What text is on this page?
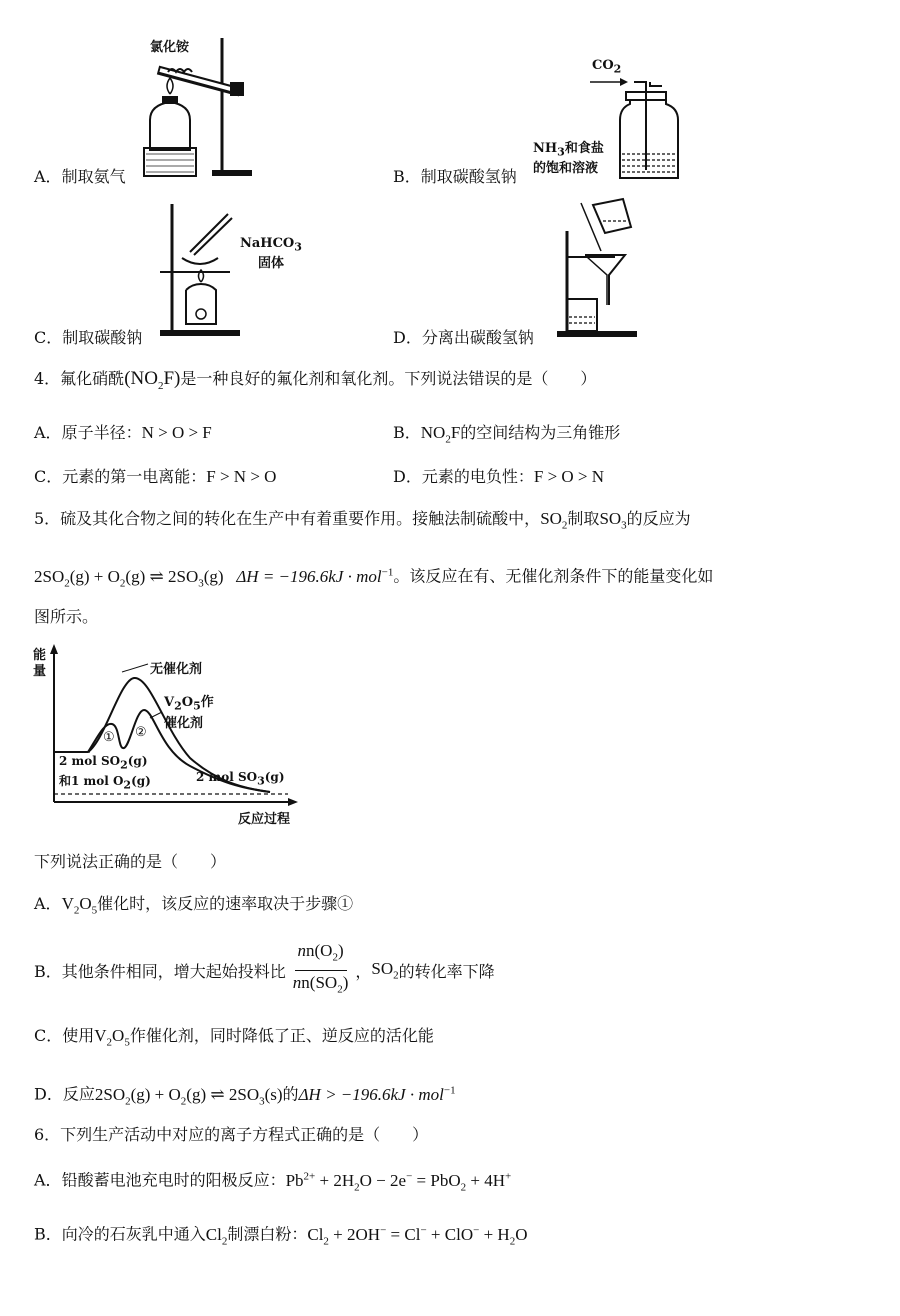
氯化铵
A．制取氨气
$CO_2$
$NH_3$和食盐
的饱和溶液
B．制取碳酸氢钠
NaHCO$_3$
固体
C．制取碳酸钠	D．分离出碳酸氢钠
4．氟化硝酰$(NO_2F)$是一种良好的氟化剂和氧化剂。下列说法错误的是（　　）
A．原子半径：N > O > F	B．$NO_2F$的空间结构为三角锥形
C．元素的第一电离能：F > N > O	D．元素的电负性：F > O > N
5．硫及其化合物之间的转化在生产中有着重要作用。接触法制硫酸中，$SO_2$制取$SO_3$的反应为
$2SO_2(g) + O_2(g)$ ⇌ $2SO_3(g) \Delta H = -196.6kJ \cdot mol^{-1}$。该反应在有、无催化剂条件下的能量变化如
图所示。
能
量	无催化剂
$V_2O_5$作
催化剂
① ②
2 mol $SO_2(g)$
和1 mol $O_2(g)$	2 mol $SO_3(g)$
反应过程
下列说法正确的是（　　）
A．$V_2O_5$催化时，该反应的速率取决于步骤①
B． 其他条件相同，增大起始投料比
$nn(O_2)$
$nn(SO_2)$
， $SO_2$ 的转化率下降
C．使用$V_2O_5$作催化剂，同时降低了正、逆反应的活化能
D．反应$2SO_2(g) + O_2(g)$ ⇌ $2SO_3(s)$的ΔH > −196.6kJ · mol$^{-1}$
6．下列生产活动中对应的离子方程式正确的是（　　）
A．铅酸蓄电池充电时的阳极反应：$Pb^{2+} + 2H_2O - 2e^- = PbO_2 + 4H^+$
B．向冷的石灰乳中通入$Cl_2$制漂白粉：$Cl_2 + 2OH^- = Cl^- + ClO^- + H_2O$
